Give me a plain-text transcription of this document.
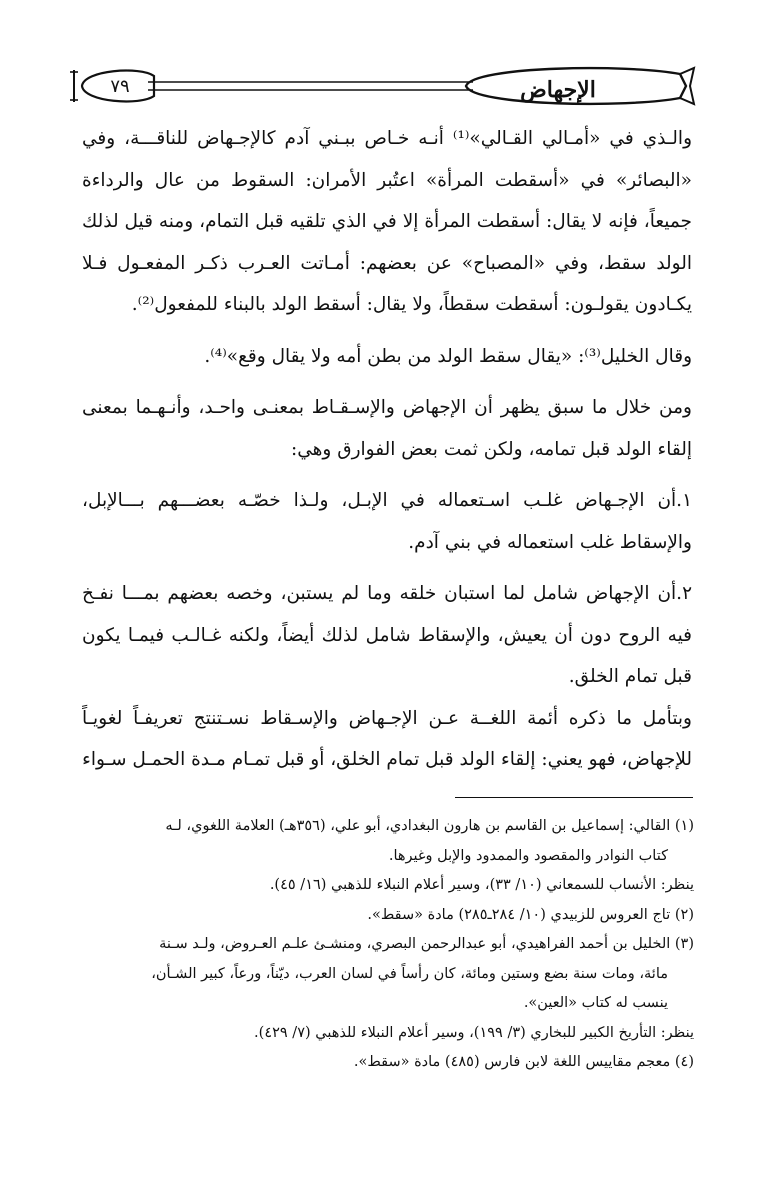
الإجهاض
٧٩

والـذي في «أمـالي القـالي»⁽¹⁾ أنـه خـاص ببـني آدم كالإجـهاض للناقـــة، وفي «البصائر» في «أسقطت المرأة» اعتُبر الأمران: السقوط من عال والرداءة جميعاً، فإنه لا يقال: أسقطت المرأة إلا في الذي تلقيه قبل التمام، ومنه قيل لذلك الولد سقط، وفي «المصباح» عن بعضهم: أمـاتت العـرب ذكـر المفعـول فـلا يكـادون يقولـون: أسقطت سقطاً، ولا يقال: أسقط الولد بالبناء للمفعول⁽²⁾.

وقال الخليل⁽³⁾: «يقال سقط الولد من بطن أمه ولا يقال وقع»⁽⁴⁾.

ومن خلال ما سبق يظهر أن الإجهاض والإسـقـاط بمعنـى واحـد، وأنـهـما بمعنى إلقاء الولد قبل تمامه، ولكن ثمت بعض الفوارق وهي:

١.أن الإجـهاض غلـب اسـتعماله في الإبـل، ولـذا خصّـه بعضـــهم بـــالإبل، والإسقاط غلب استعماله في بني آدم.

٢.أن الإجهاض شامل لما استبان خلقه وما لم يستبن، وخصه بعضهم بمـــا نفـخ فيه الروح دون أن يعيش، والإسقاط شامل لذلك أيضاً، ولكنه غـالـب فيمـا يكون قبل تمام الخلق.

وبتأمل ما ذكره أئمة اللغــة عـن الإجـهاض والإسـقاط نسـتنتج تعريفـاً لغويـاً للإجهاض، فهو يعني: إلقاء الولد قبل تمام الخلق، أو قبل تمـام مـدة الحمـل سـواء

(١) القالي: إسماعيل بن القاسم بن هارون البغدادي، أبو علي، (٣٥٦هـ) العلامة اللغوي، لـه

كتاب النوادر والمقصود والممدود والإبل وغيرها.

ينظر: الأنساب للسمعاني (١٠/ ٣٣)، وسير أعلام النبلاء للذهبي (١٦/ ٤٥).

(٢) تاج العروس للزبيدي (١٠/ ٢٨٤ـ٢٨٥) مادة «سقط».

(٣) الخليل بن أحمد الفراهيدي، أبو عبدالرحمن البصري، ومنشـئ علـم العـروض، ولـد سـنة

مائة، ومات سنة بضع وستين ومائة، كان رأساً في لسان العرب، ديّناً، ورعاً، كبير الشـأن،

ينسب له كتاب «العين».

ينظر: التأريخ الكبير للبخاري (٣/ ١٩٩)، وسير أعلام النبلاء للذهبي (٧/ ٤٢٩).

(٤) معجم مقاييس اللغة لابن فارس (٤٨٥) مادة «سقط».
